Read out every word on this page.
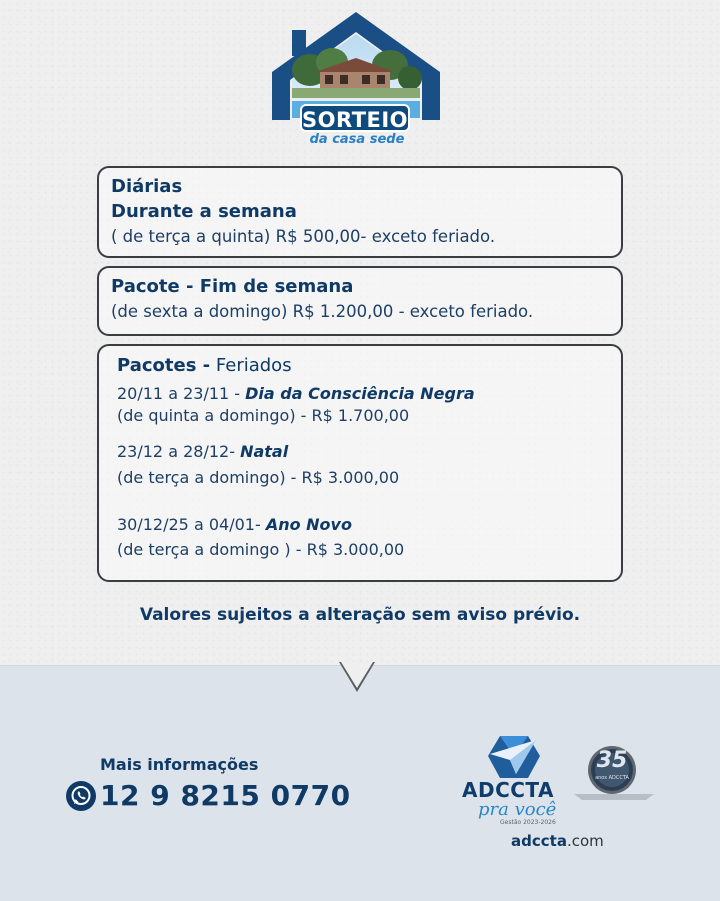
SORTEIO
da casa sede
Diárias
Durante a semana
( de terça a quinta) R$ 500,00- exceto feriado.
Pacote - Fim de semana
(de sexta a domingo) R$ 1.200,00 - exceto feriado.
Pacotes - Feriados
20/11 a 23/11 - Dia da Consciência Negra
(de quinta a domingo) - R$ 1.700,00
23/12 a 28/12- Natal
(de terça a domingo) - R$ 3.000,00
30/12/25 a 04/01- Ano Novo
(de terça a domingo ) - R$ 3.000,00
Valores sujeitos a alteração sem aviso prévio.
Mais informações
12 9 8215 0770	ADCCTA
pra você
Gestão 2023-2026
35
anos ADCCTA
adccta.com
